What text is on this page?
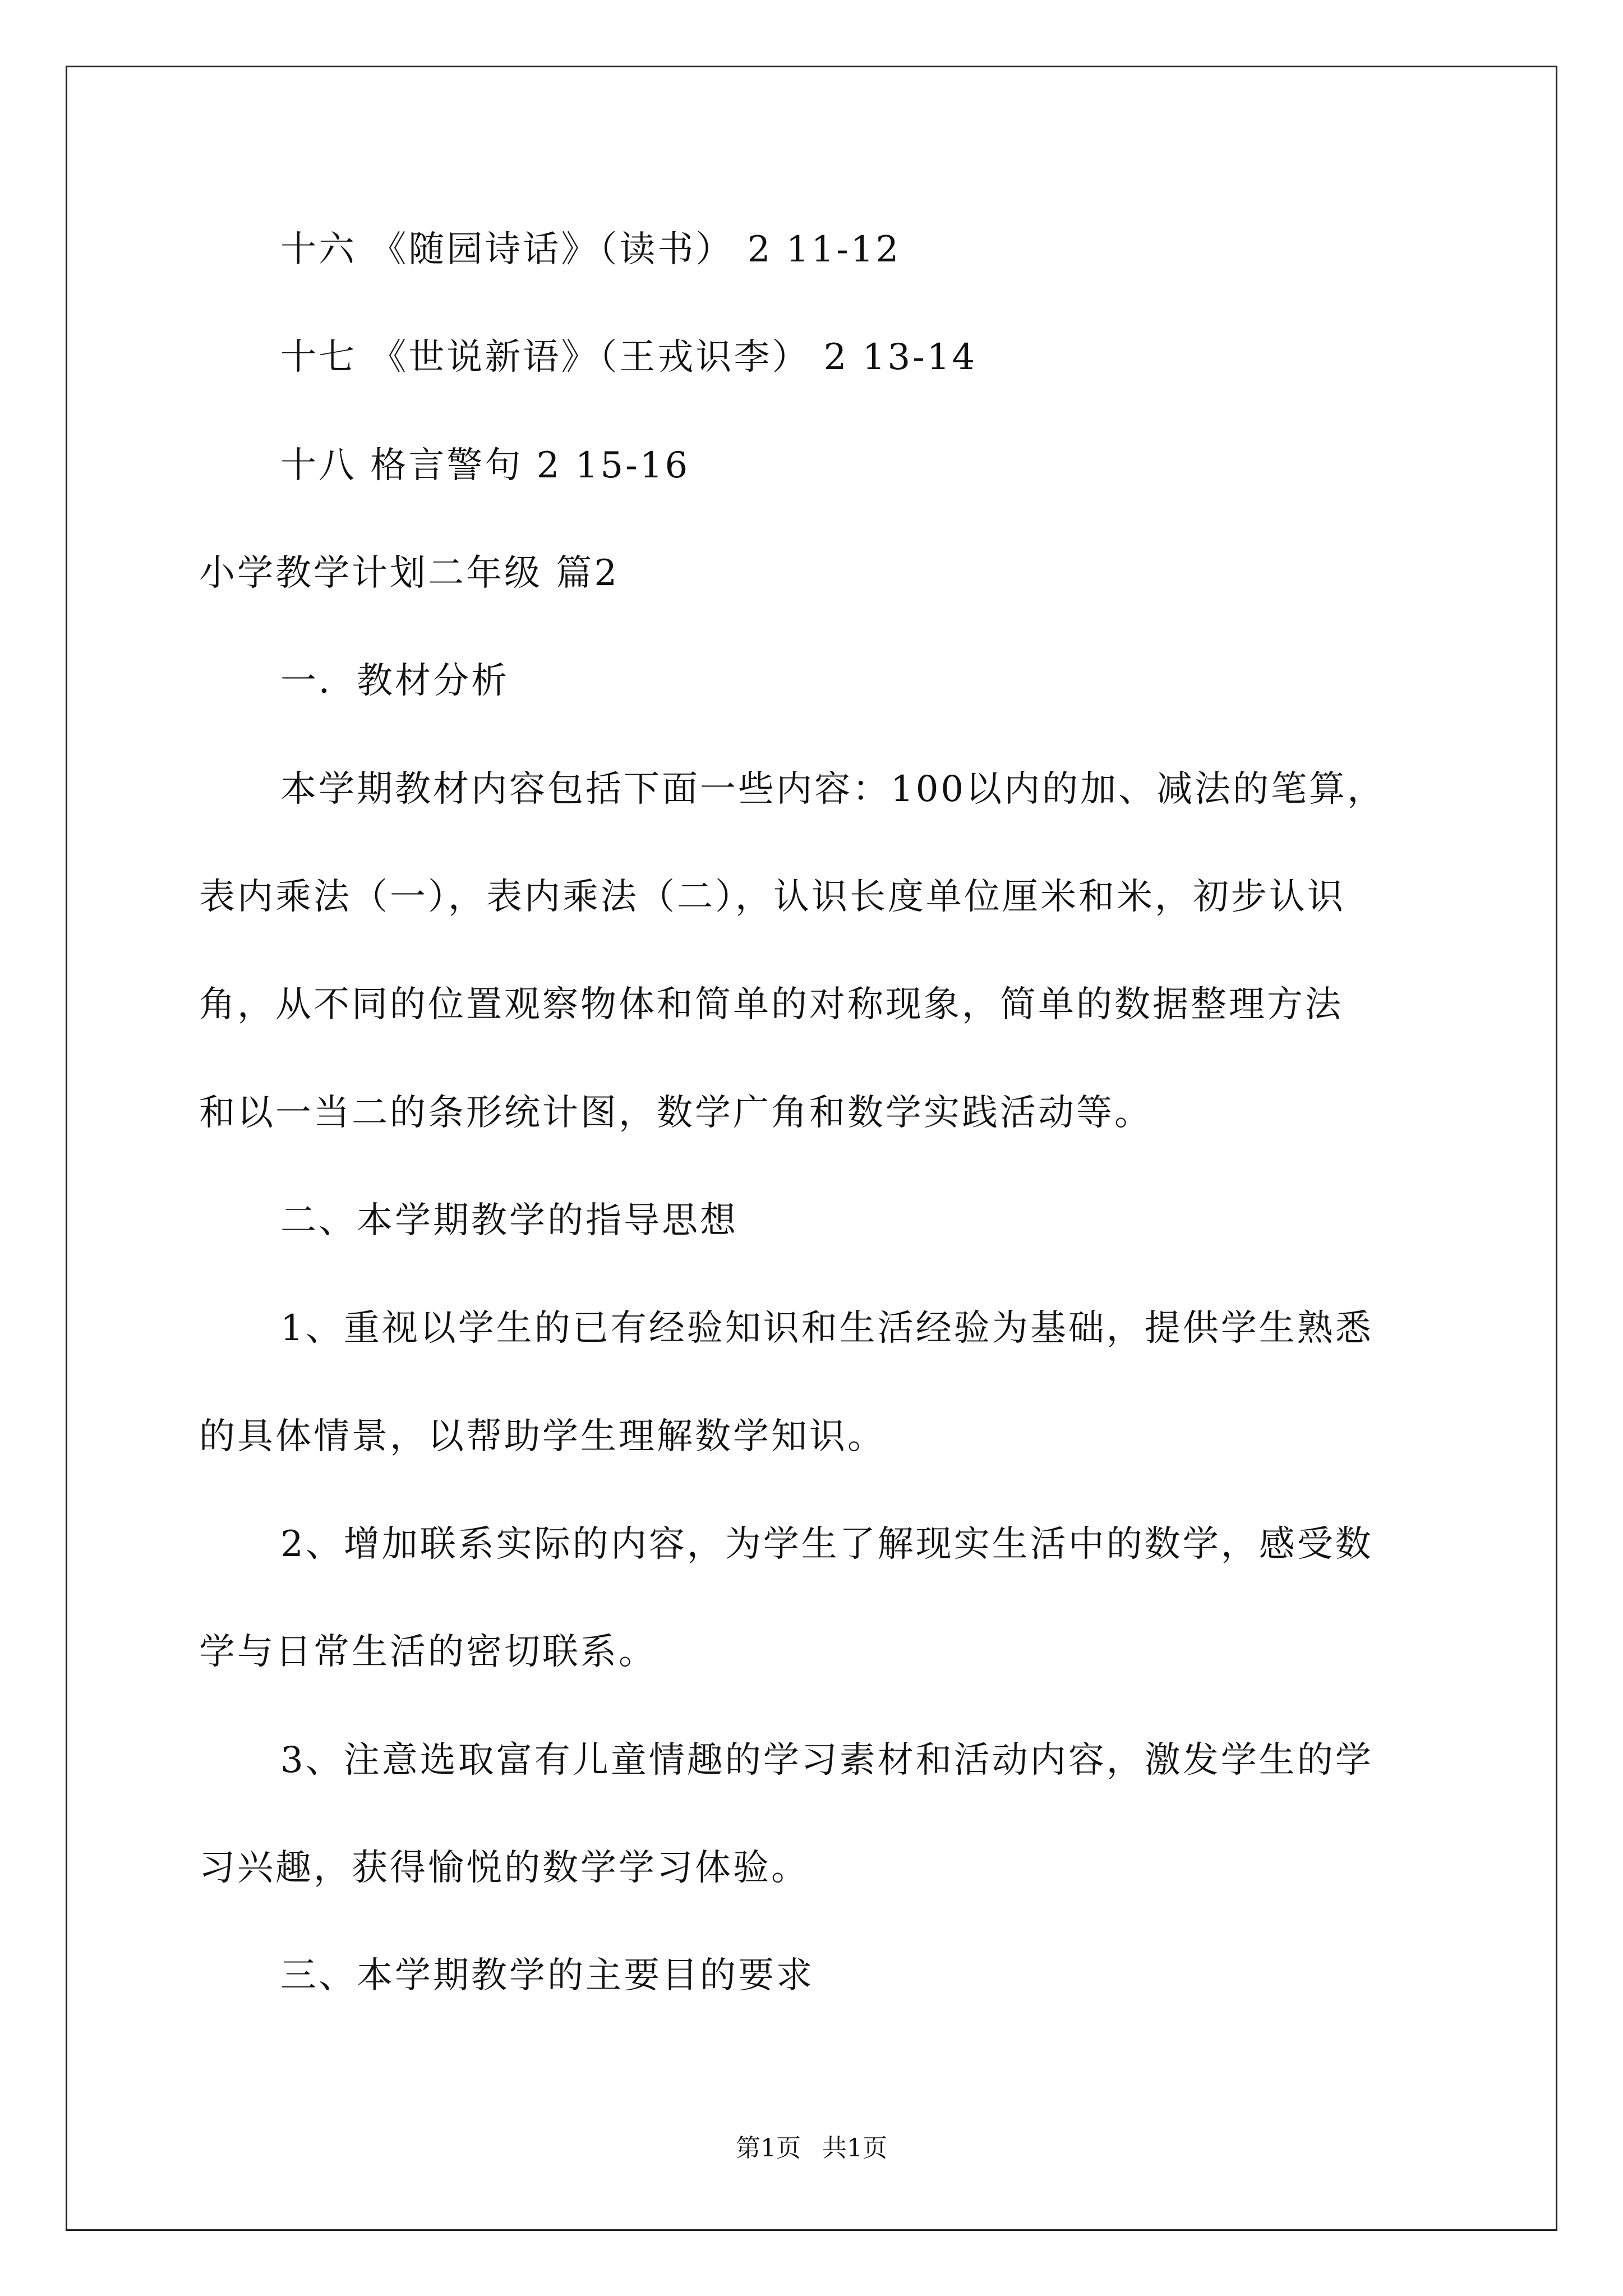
十六 《随园诗话》（读书） 2 11-12
十七 《世说新语》（王戎识李） 2 13-14
十八 格言警句 2 15-16
小学教学计划二年级 篇2
一．教材分析
本学期教材内容包括下面一些内容：100以内的加、减法的笔算，
表内乘法（一），表内乘法（二），认识长度单位厘米和米，初步认识
角，从不同的位置观察物体和简单的对称现象，简单的数据整理方法
和以一当二的条形统计图，数学广角和数学实践活动等。
二、本学期教学的指导思想
1、重视以学生的已有经验知识和生活经验为基础，提供学生熟悉
的具体情景，以帮助学生理解数学知识。
2、增加联系实际的内容，为学生了解现实生活中的数学，感受数
学与日常生活的密切联系。
3、注意选取富有儿童情趣的学习素材和活动内容，激发学生的学
习兴趣，获得愉悦的数学学习体验。
三、本学期教学的主要目的要求
第1页 共1页
